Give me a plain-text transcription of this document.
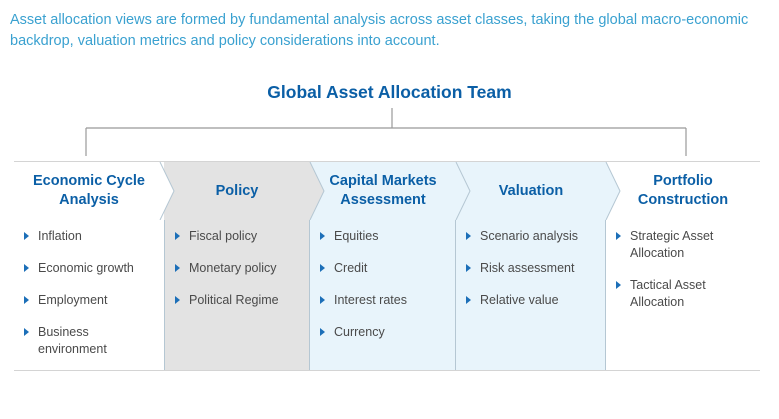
Asset allocation views are formed by fundamental analysis across asset classes, taking the global macro-economic backdrop, valuation metrics and policy considerations into account.
Global Asset Allocation Team
Economic Cycle Analysis
Policy
Capital Markets Assessment
Valuation
Portfolio Construction
Inflation
Economic growth
Employment
Business environment
Fiscal policy
Monetary policy
Political Regime
Equities
Credit
Interest rates
Currency
Scenario analysis
Risk assessment
Relative value
Strategic Asset Allocation
Tactical Asset Allocation
